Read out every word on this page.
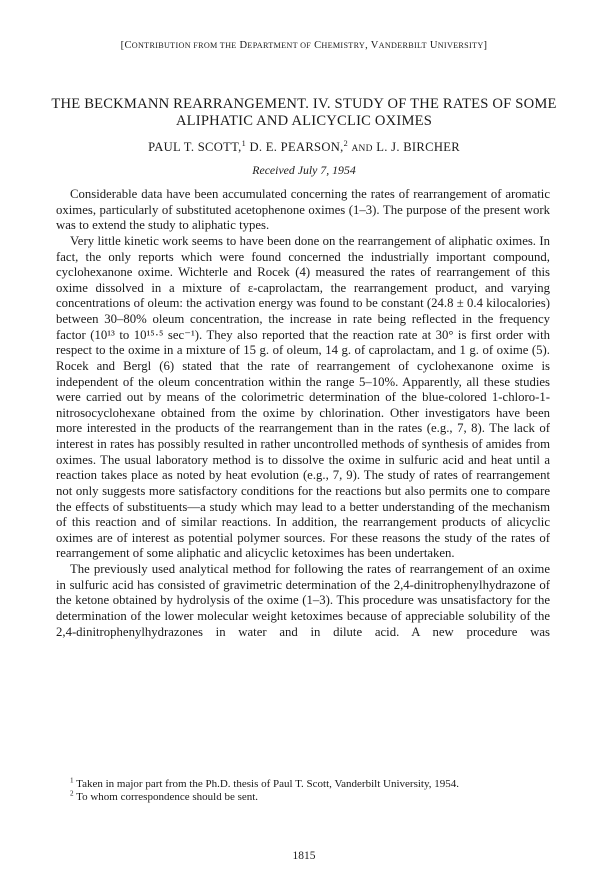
[CONTRIBUTION FROM THE DEPARTMENT OF CHEMISTRY, VANDERBILT UNIVERSITY]
THE BECKMANN REARRANGEMENT. IV. STUDY OF THE RATES OF SOME ALIPHATIC AND ALICYCLIC OXIMES
PAUL T. SCOTT,$^1$ D. E. PEARSON,$^2$ AND L. J. BIRCHER
Received July 7, 1954

Considerable data have been accumulated concerning the rates of rearrangement of aromatic oximes, particularly of substituted acetophenone oximes (1–3). The purpose of the present work was to extend the study to aliphatic types.

Very little kinetic work seems to have been done on the rearrangement of aliphatic oximes. In fact, the only reports which were found concerned the industrially important compound, cyclohexanone oxime. Wichterle and Rocek (4) measured the rates of rearrangement of this oxime dissolved in a mixture of ε-caprolactam, the rearrangement product, and varying concentrations of oleum: the activation energy was found to be constant (24.8 ± 0.4 kilocalories) between 30–80% oleum concentration, the increase in rate being reflected in the frequency factor (10¹³ to 10¹⁵·⁵ sec⁻¹). They also reported that the reaction rate at 30° is first order with respect to the oxime in a mixture of 15 g. of oleum, 14 g. of caprolactam, and 1 g. of oxime (5). Rocek and Bergl (6) stated that the rate of rearrangement of cyclohexanone oxime is independent of the oleum concentration within the range 5–10%. Apparently, all these studies were carried out by means of the colorimetric determination of the blue-colored 1-chloro-1-nitrosocyclohexane obtained from the oxime by chlorination. Other investigators have been more interested in the products of the rearrangement than in the rates (e.g., 7, 8). The lack of interest in rates has possibly resulted in rather uncontrolled methods of synthesis of amides from oximes. The usual laboratory method is to dissolve the oxime in sulfuric acid and heat until a reaction takes place as noted by heat evolution (e.g., 7, 9). The study of rates of rearrangement not only suggests more satisfactory conditions for the reactions but also permits one to compare the effects of substituents—a study which may lead to a better understanding of the mechanism of this reaction and of similar reactions. In addition, the rearrangement products of alicyclic oximes are of interest as potential polymer sources. For these reasons the study of the rates of rearrangement of some aliphatic and alicyclic ketoximes has been undertaken.

The previously used analytical method for following the rates of rearrangement of an oxime in sulfuric acid has consisted of gravimetric determination of the 2,4-dinitrophenylhydrazone of the ketone obtained by hydrolysis of the oxime (1–3). This procedure was unsatisfactory for the determination of the lower molecular weight ketoximes because of appreciable solubility of the 2,4-dinitrophenylhydrazones in water and in dilute acid. A new procedure was

$^1$ Taken in major part from the Ph.D. thesis of Paul T. Scott, Vanderbilt University, 1954.

$^2$ To whom correspondence should be sent.

1815
